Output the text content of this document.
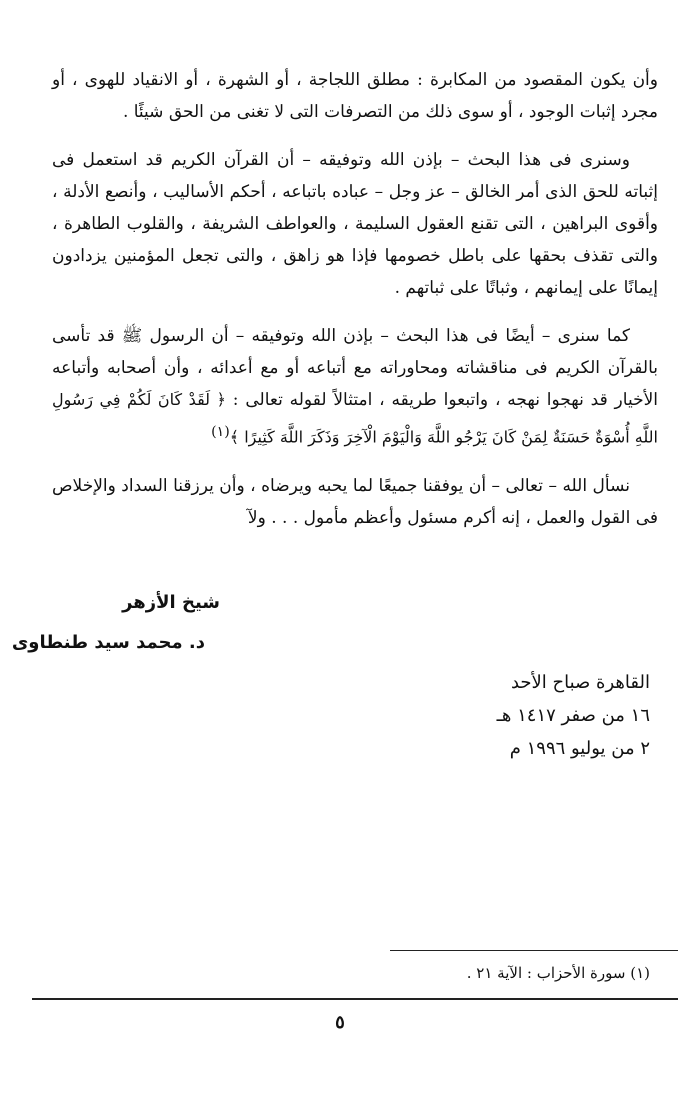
وأن يكون المقصود من المكابرة : مطلق اللجاجة ، أو الشهرة ، أو الانقياد للهوى ، أو مجرد إثبات الوجود ، أو سوى ذلك من التصرفات التى لا تغنى من الحق شيئًا .

وسنرى فى هذا البحث – بإذن الله وتوفيقه – أن القرآن الكريم قد استعمل فى إثباته للحق الذى أمر الخالق – عز وجل – عباده باتباعه ، أحكم الأساليب ، وأنصع الأدلة ، وأقوى البراهين ، التى تقنع العقول السليمة ، والعواطف الشريفة ، والقلوب الطاهرة ، والتى تقذف بحقها على باطل خصومها فإذا هو زاهق ، والتى تجعل المؤمنين يزدادون إيمانًا على إيمانهم ، وثباتًا على ثباتهم .

كما سنرى – أيضًا فى هذا البحث – بإذن الله وتوفيقه – أن الرسول ﷺ قد تأسى بالقرآن الكريم فى مناقشاته ومحاوراته مع أتباعه أو مع أعدائه ، وأن أصحابه وأتباعه الأخيار قد نهجوا نهجه ، واتبعوا طريقه ، امتثالاً لقوله تعالى : ﴿ لَقَدْ كَانَ لَكُمْ فِي رَسُولِ اللَّهِ أُسْوَةٌ حَسَنَةٌ لِمَنْ كَانَ يَرْجُو اللَّهَ وَالْيَوْمَ الْآخِرَ وَذَكَرَ اللَّهَ كَثِيرًا ﴾$^{(١)}$

نسأل الله – تعالى – أن يوفقنا جميعًا لما يحبه ويرضاه ، وأن يرزقنا السداد والإخلاص فى القول والعمل ، إنه أكرم مسئول وأعظم مأمول . . . ولآ

شيخ الأزهر
د. محمد سيد طنطاوى
القاهرة صباح الأحد
١٦ من صفر ١٤١٧ هـ
٢ من يوليو ١٩٩٦ م
(١) سورة الأحزاب : الآية ٢١ .
٥
